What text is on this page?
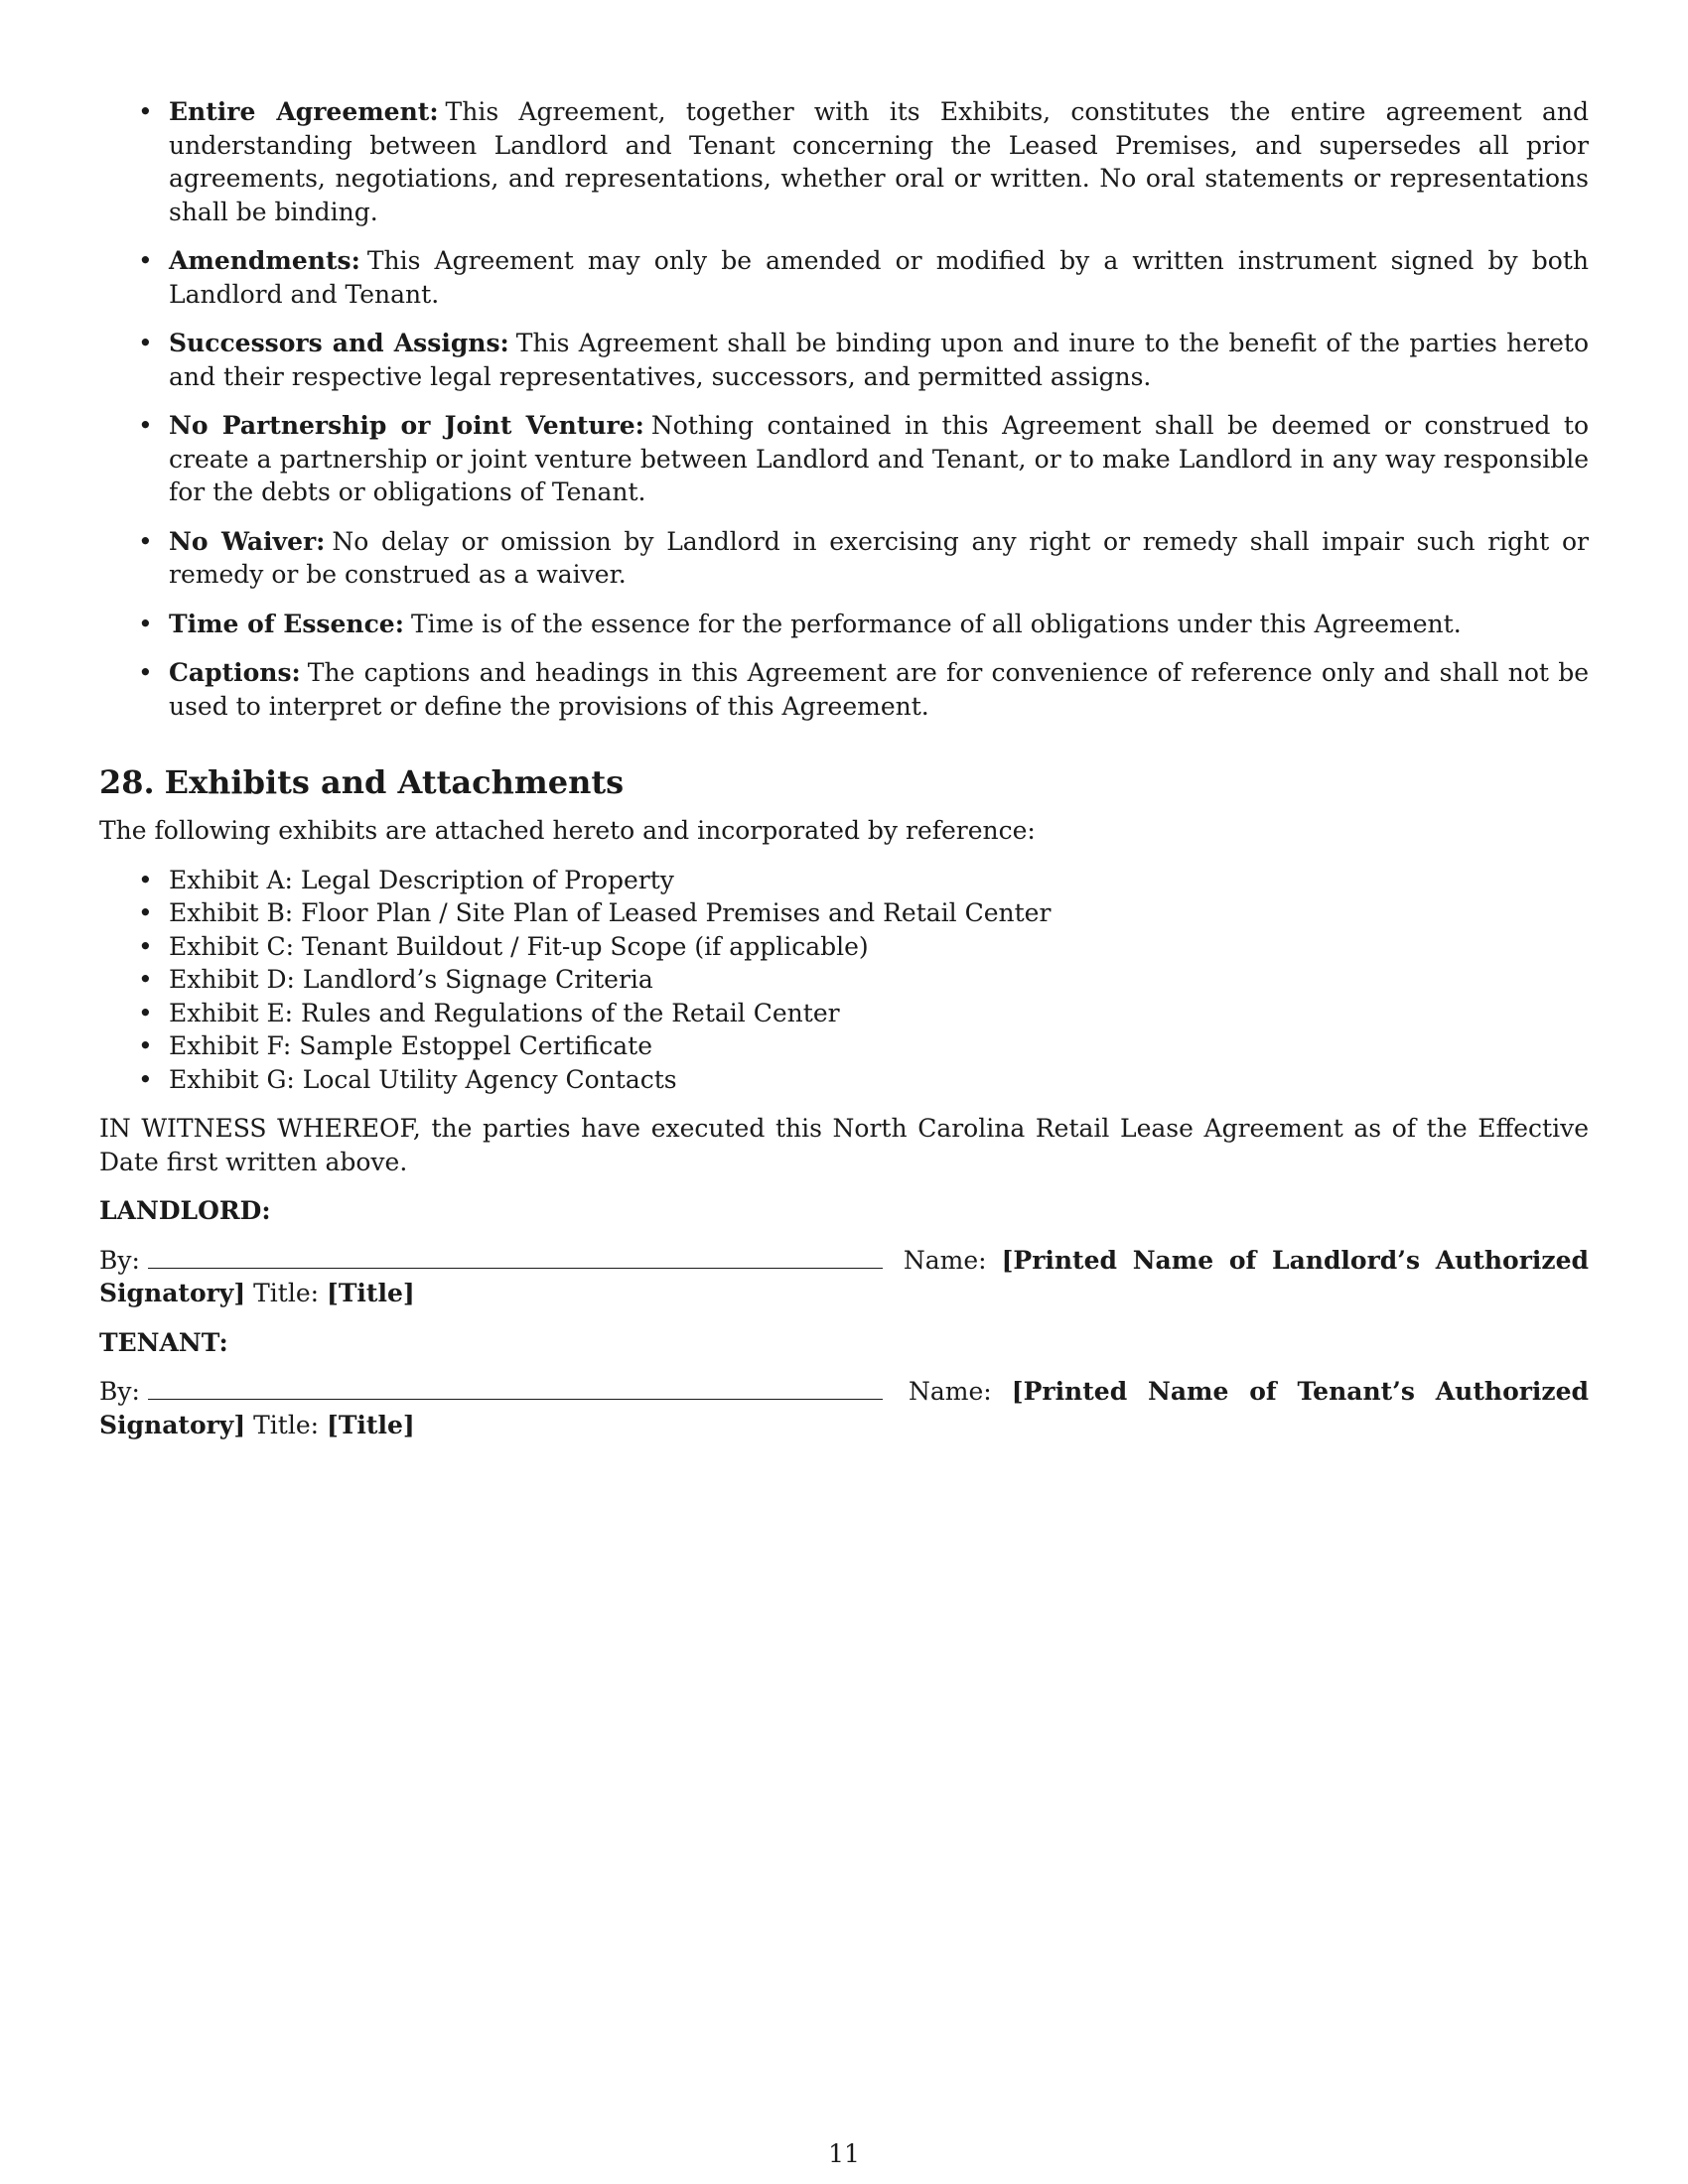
• Entire Agreement: This Agreement, together with its Exhibits, constitutes the entire agreement and understanding between Landlord and Tenant concerning the Leased Premises, and supersedes all prior agreements, negotiations, and representations, whether oral or written. No oral statements or representations shall be binding.
• Amendments: This Agreement may only be amended or modified by a written instrument signed by both Landlord and Tenant.
• Successors and Assigns: This Agreement shall be binding upon and inure to the benefit of the parties hereto and their respective legal representatives, successors, and permitted assigns.
• No Partnership or Joint Venture: Nothing contained in this Agreement shall be deemed or construed to create a partnership or joint venture between Landlord and Tenant, or to make Landlord in any way responsible for the debts or obligations of Tenant.
• No Waiver: No delay or omission by Landlord in exercising any right or remedy shall impair such right or remedy or be construed as a waiver.
• Time of Essence: Time is of the essence for the performance of all obligations under this Agreement.
• Captions: The captions and headings in this Agreement are for convenience of reference only and shall not be used to interpret or define the provisions of this Agreement.
28. Exhibits and Attachments

The following exhibits are attached hereto and incorporated by reference:

• Exhibit A: Legal Description of Property
• Exhibit B: Floor Plan / Site Plan of Leased Premises and Retail Center
• Exhibit C: Tenant Buildout / Fit-up Scope (if applicable)
• Exhibit D: Landlord’s Signage Criteria
• Exhibit E: Rules and Regulations of the Retail Center
• Exhibit F: Sample Estoppel Certificate
• Exhibit G: Local Utility Agency Contacts

IN WITNESS WHEREOF, the parties have executed this North Carolina Retail Lease Agreement as of the Effective Date first written above.

LANDLORD:
By:	Name: [Printed Name of Landlord’s Authorized Signatory] Title: [Title]
TENANT:
By:	Name: [Printed Name of Tenant’s Authorized Signatory] Title: [Title]
11
